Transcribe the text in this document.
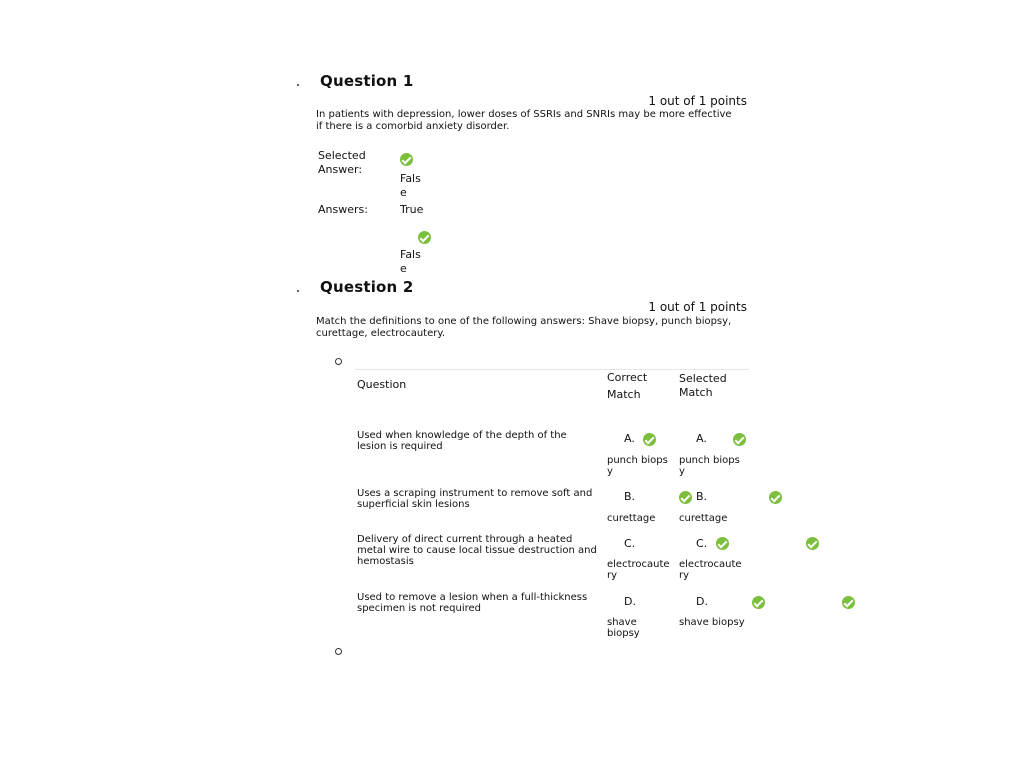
Question 1
1 out of 1 points
In patients with depression, lower doses of SSRIs and SNRIs may be more effective if there is a comorbid anxiety disorder.
Selected Answer:

False
Answers:	True

False
Question 2
1 out of 1 points
Match the definitions to one of the following answers: Shave biopsy, punch biopsy, curettage, electrocautery.
Question
Correct Match
Selected Match
Used when knowledge of the depth of the lesion is required

A.
punch biopsy

A.
punch biopsy
Uses a scraping instrument to remove soft and superficial skin lesions

B.
curettage

B.
curettage
Delivery of direct current through a heated metal wire to cause local tissue destruction and hemostasis

C.
electrocautery

C.
electrocautery
Used to remove a lesion when a full-thickness specimen is not required

D.
shave biopsy
D.
shave biopsy
